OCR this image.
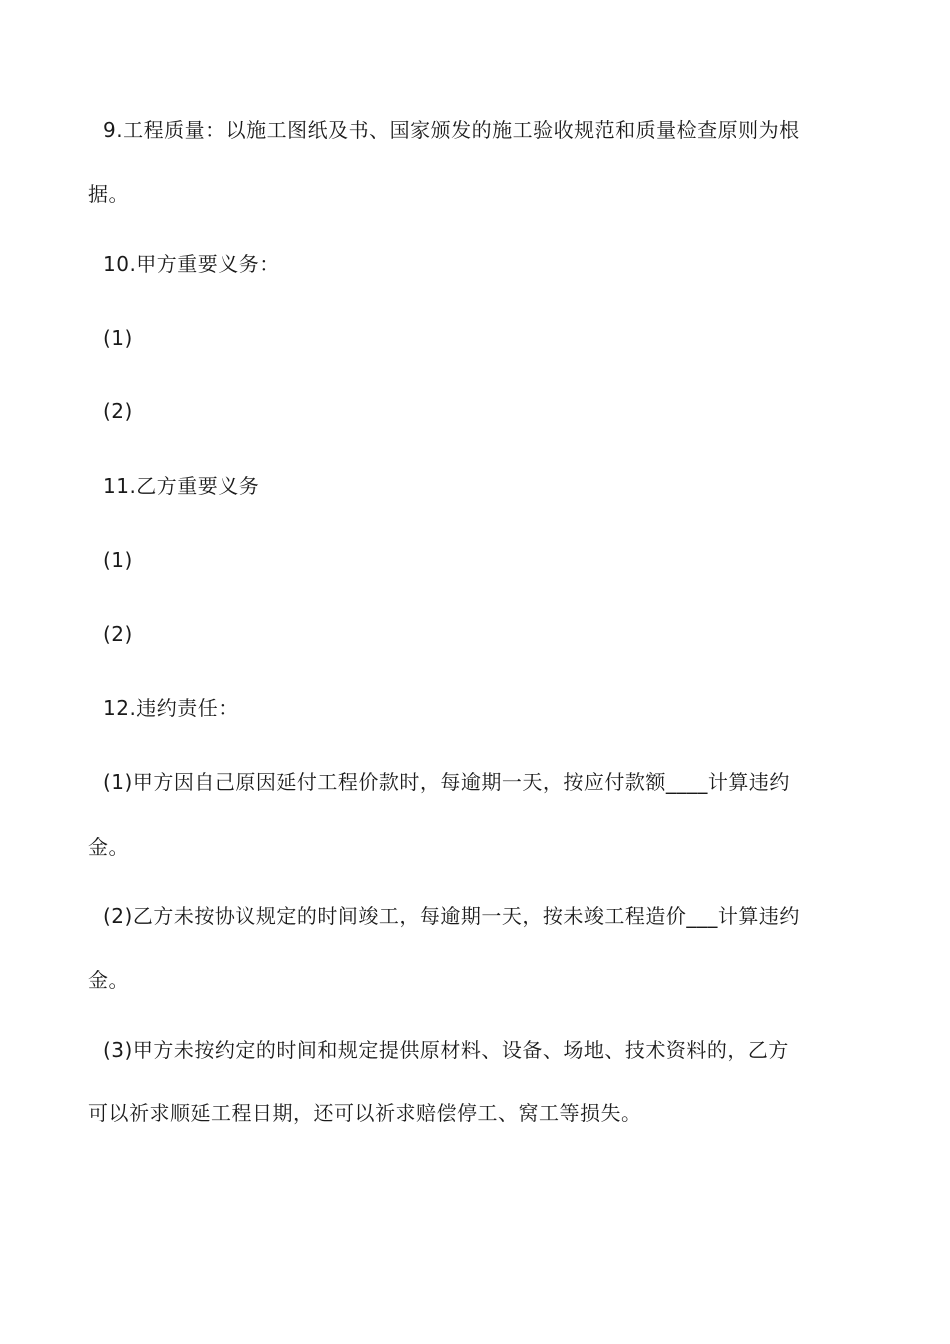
9.工程质量：以施工图纸及书、国家颁发的施工验收规范和质量检查原则为根
据。
10.甲方重要义务：
(1)
(2)
11.乙方重要义务
(1)
(2)
12.违约责任：
(1)甲方因自己原因延付工程价款时，每逾期一天，按应付款额____计算违约
金。
(2)乙方未按协议规定的时间竣工，每逾期一天，按未竣工程造价___计算违约
金。
(3)甲方未按约定的时间和规定提供原材料、设备、场地、技术资料的，乙方
可以祈求顺延工程日期，还可以祈求赔偿停工、窝工等损失。
